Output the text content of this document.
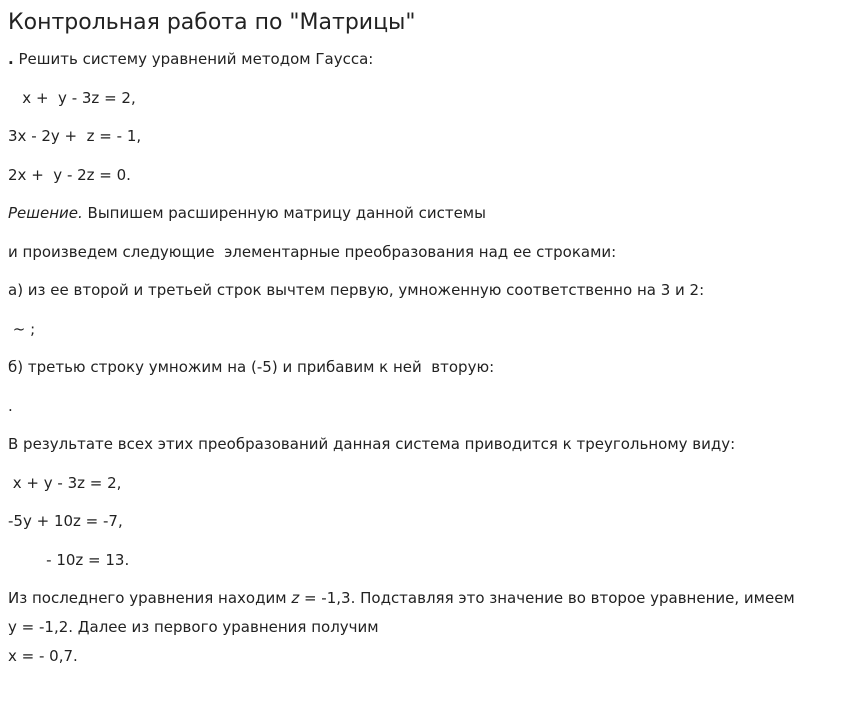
Контрольная работа по "Матрицы"

. Решить систему уравнений методом Гаусса:

x +  y - 3z = 2,

3x - 2y +  z = - 1,

2x +  y - 2z = 0.

Решение. Выпишем расширенную матрицу данной системы

и произведем следующие  элементарные преобразования над ее строками:

а) из ее второй и третьей строк вычтем первую, умноженную соответственно на 3 и 2:

~ ;

б) третью строку умножим на (-5) и прибавим к ней  вторую:

.

В результате всех этих преобразований данная система приводится к треугольному виду:

x + y - 3z = 2,

-5y + 10z = -7,

- 10z = 13.

Из последнего уравнения находим z = -1,3. Подставляя это значение во второе уравнение, имеем y = -1,2. Далее из первого уравнения получим
x = - 0,7.
